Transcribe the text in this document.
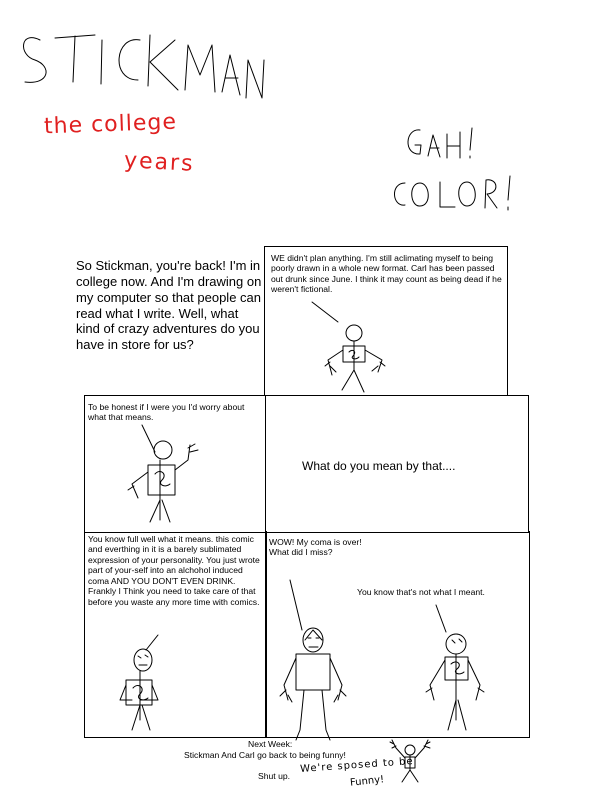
the college
years
So Stickman, you're back! I'm in college now. And I'm drawing on my computer so that people can read what I write. Well, what kind of crazy adventures do you have in store for us?
WE didn't plan anything. I'm still aclimating myself to being poorly drawn in a whole new format. Carl has been passed out drunk since June. I think it may count as being dead if he weren't fictional.
To be honest if I were you I'd worry about what that means.
What do you mean by that....
You know full well what it means. this comic and everthing in it is a barely sublimated expression of your personality. You just wrote part of your-self into an alchohol induced coma AND YOU DON'T EVEN DRINK. Frankly I Think you need to take care of that before you waste any more time with comics.
WOW! My coma is over! What did I miss?
You know that's not what I meant.
Next Week:
Stickman And Carl go back to being funny!
Shut up.
We're sposed to be
Funny!
